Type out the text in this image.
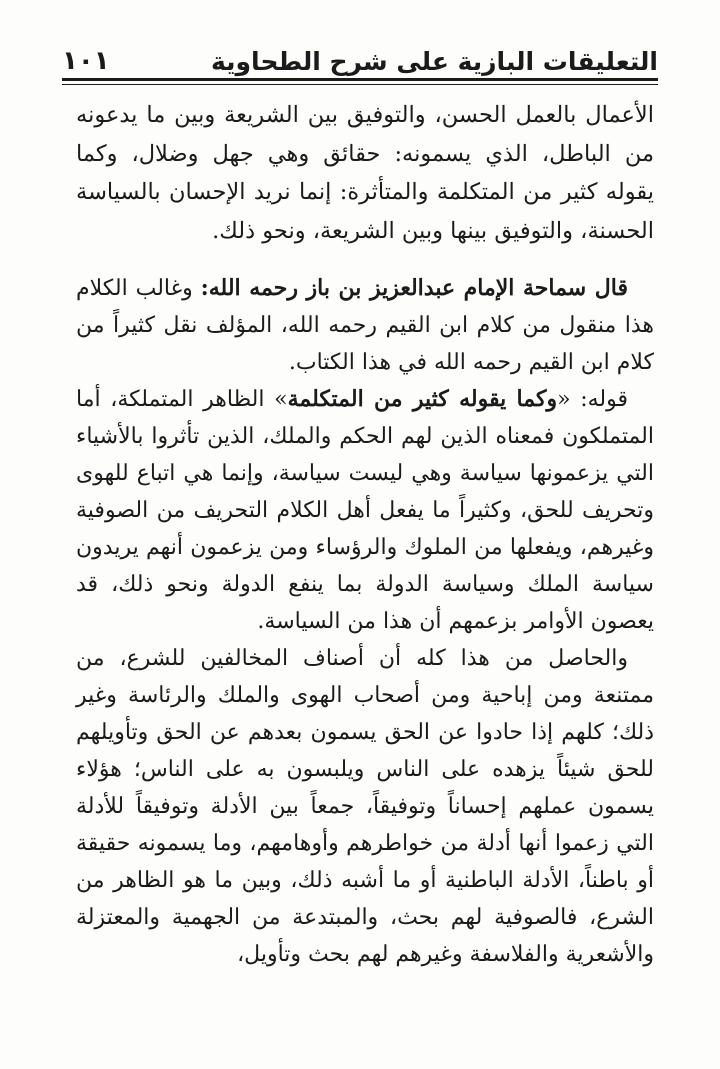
التعليقات البازية على شرح الطحاوية
١٠١

الأعمال بالعمل الحسن، والتوفيق بين الشريعة وبين ما يدعونه من الباطل، الذي يسمونه: حقائق وهي جهل وضلال، وكما يقوله كثير من المتكلمة والمتأثرة: إنما نريد الإحسان بالسياسة الحسنة، والتوفيق بينها وبين الشريعة، ونحو ذلك.

قال سماحة الإمام عبدالعزيز بن باز رحمه الله: وغالب الكلام هذا منقول من كلام ابن القيم رحمه الله، المؤلف نقل كثيراً من كلام ابن القيم رحمه الله في هذا الكتاب.

قوله: «وكما يقوله كثير من المتكلمة» الظاهر المتملكة، أما المتملكون فمعناه الذين لهم الحكم والملك، الذين تأثروا بالأشياء التي يزعمونها سياسة وهي ليست سياسة، وإنما هي اتباع للهوى وتحريف للحق، وكثيراً ما يفعل أهل الكلام التحريف من الصوفية وغيرهم، ويفعلها من الملوك والرؤساء ومن يزعمون أنهم يريدون سياسة الملك وسياسة الدولة بما ينفع الدولة ونحو ذلك، قد يعصون الأوامر بزعمهم أن هذا من السياسة.

والحاصل من هذا كله أن أصناف المخالفين للشرع، من ممتنعة ومن إباحية ومن أصحاب الهوى والملك والرئاسة وغير ذلك؛ كلهم إذا حادوا عن الحق يسمون بعدهم عن الحق وتأويلهم للحق شيئاً يزهده على الناس ويلبسون به على الناس؛ هؤلاء يسمون عملهم إحساناً وتوفيقاً، جمعاً بين الأدلة وتوفيقاً للأدلة التي زعموا أنها أدلة من خواطرهم وأوهامهم، وما يسمونه حقيقة أو باطناً، الأدلة الباطنية أو ما أشبه ذلك، وبين ما هو الظاهر من الشرع، فالصوفية لهم بحث، والمبتدعة من الجهمية والمعتزلة والأشعرية والفلاسفة وغيرهم لهم بحث وتأويل،
